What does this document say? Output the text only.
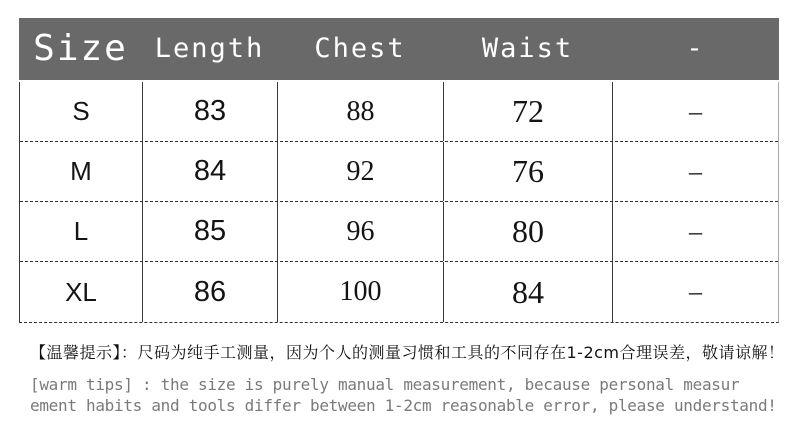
Size Length	Chest	Waist	-
S	83	88	72	–
M	84	92	76	–
L	85	96	80	–
XL	86	100	84	–
【温馨提示】：尺码为纯手工测量，因为个人的测量习惯和工具的不同存在1-2cm合理误差，敬请谅解！
[warm tips] : the size is purely manual measurement, because personal measur
ement habits and tools differ between 1-2cm reasonable error, please understand!
